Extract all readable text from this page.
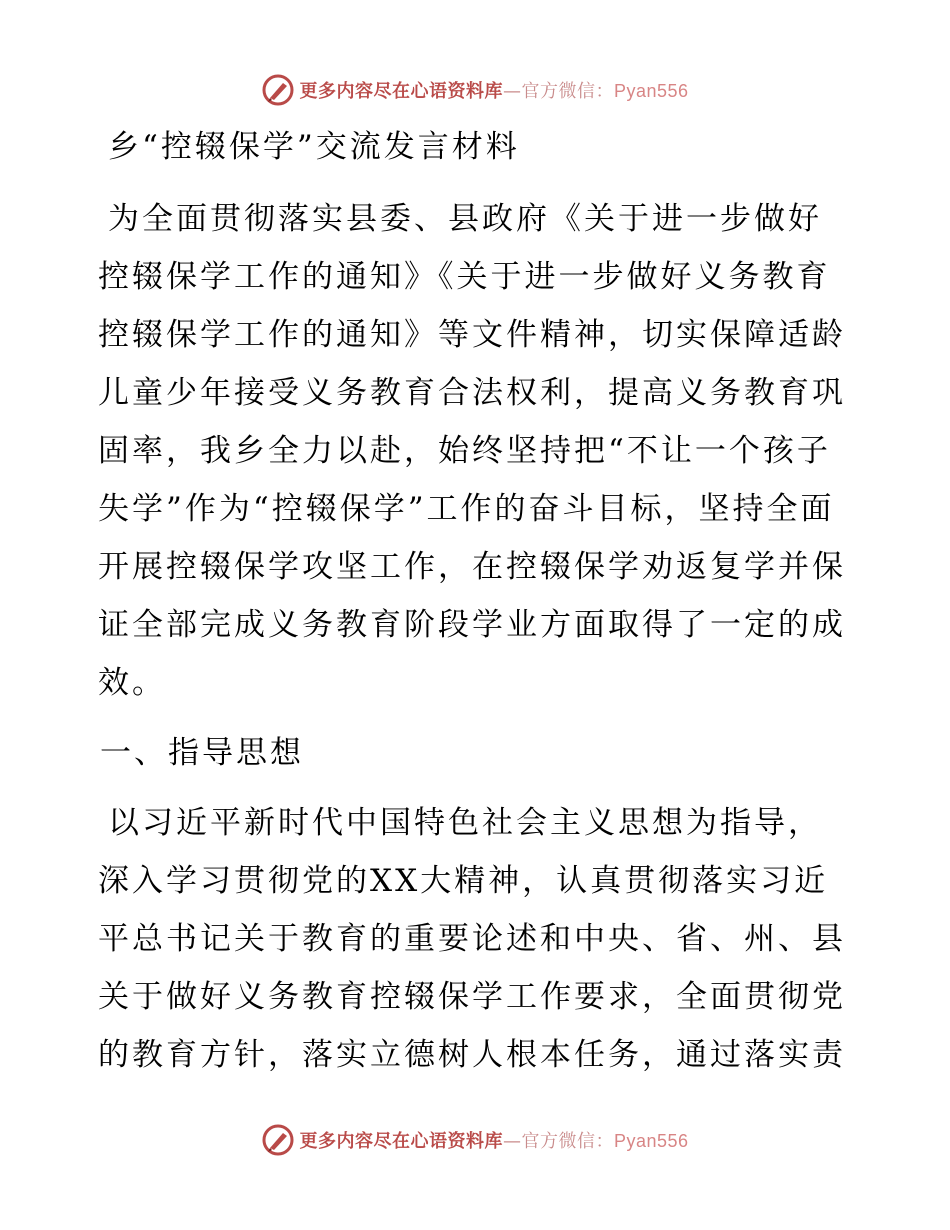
更多内容尽在心语资料库—官方微信：Pyan556

乡“控辍保学”交流发言材料

为全面贯彻落实县委、县政府《关于进一步做好控辍保学工作的通知》《关于进一步做好义务教育控辍保学工作的通知》等文件精神，切实保障适龄儿童少年接受义务教育合法权利，提高义务教育巩固率，我乡全力以赴，始终坚持把“不让一个孩子失学”作为“控辍保学”工作的奋斗目标，坚持全面开展控辍保学攻坚工作，在控辍保学劝返复学并保证全部完成义务教育阶段学业方面取得了一定的成效。

一、指导思想

以习近平新时代中国特色社会主义思想为指导，深入学习贯彻党的XX大精神，认真贯彻落实习近平总书记关于教育的重要论述和中央、省、州、县关于做好义务教育控辍保学工作要求，全面贯彻党的教育方针，落实立德树人根本任务，通过落实责

更多内容尽在心语资料库—官方微信：Pyan556
